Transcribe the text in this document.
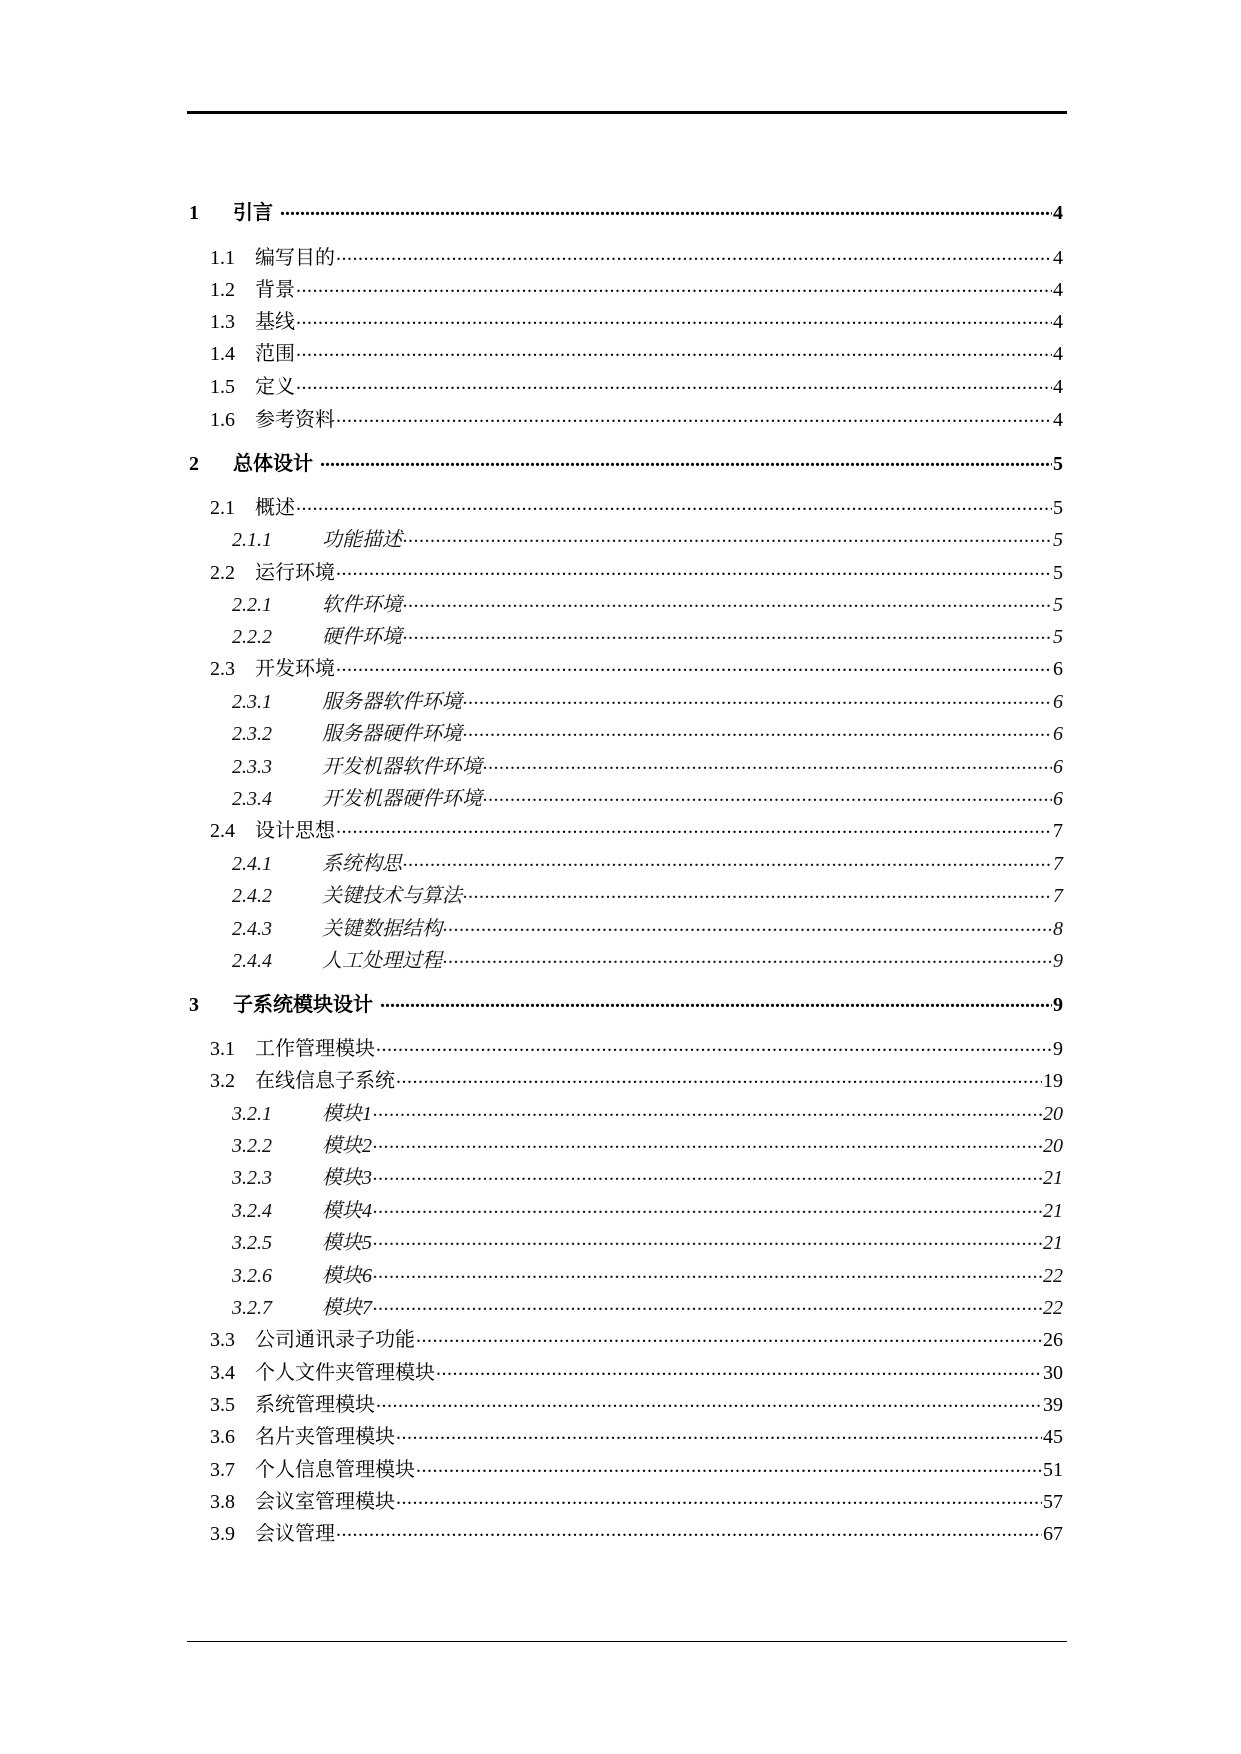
1	引言 .....	4
1.1	编写目的 .....	4
1.2	背景 .....	4
1.3	基线 .....	4
1.4	范围 .....	4
1.5	定义 .....	4
1.6	参考资料 .....	4
2	总体设计 .....	5
2.1	概述 .....	5
2.1.1	功能描述 .....	5
2.2	运行环境 .....	5
2.2.1	软件环境 .....	5
2.2.2	硬件环境 .....	5
2.3	开发环境 .....	6
2.3.1	服务器软件环境 .....	6
2.3.2	服务器硬件环境 .....	6
2.3.3	开发机器软件环境 .....	6
2.3.4	开发机器硬件环境 .....	6
2.4	设计思想 .....	7
2.4.1	系统构思 .....	7
2.4.2	关键技术与算法 .....	7
2.4.3	关键数据结构 .....	8
2.4.4	人工处理过程 .....	9
3	子系统模块设计 .....	9
3.1	工作管理模块 .....	9
3.2	在线信息子系统 .....	19
3.2.1	模块1 .....	20
3.2.2	模块2 .....	20
3.2.3	模块3 .....	21
3.2.4	模块4 .....	21
3.2.5	模块5 .....	21
3.2.6	模块6 .....	22
3.2.7	模块7 .....	22
3.3	公司通讯录子功能 .....	26
3.4	个人文件夹管理模块 .....	30
3.5	系统管理模块 .....	39
3.6	名片夹管理模块 .....	45
3.7	个人信息管理模块 .....	51
3.8	会议室管理模块 .....	57
3.9	会议管理 .....	67
